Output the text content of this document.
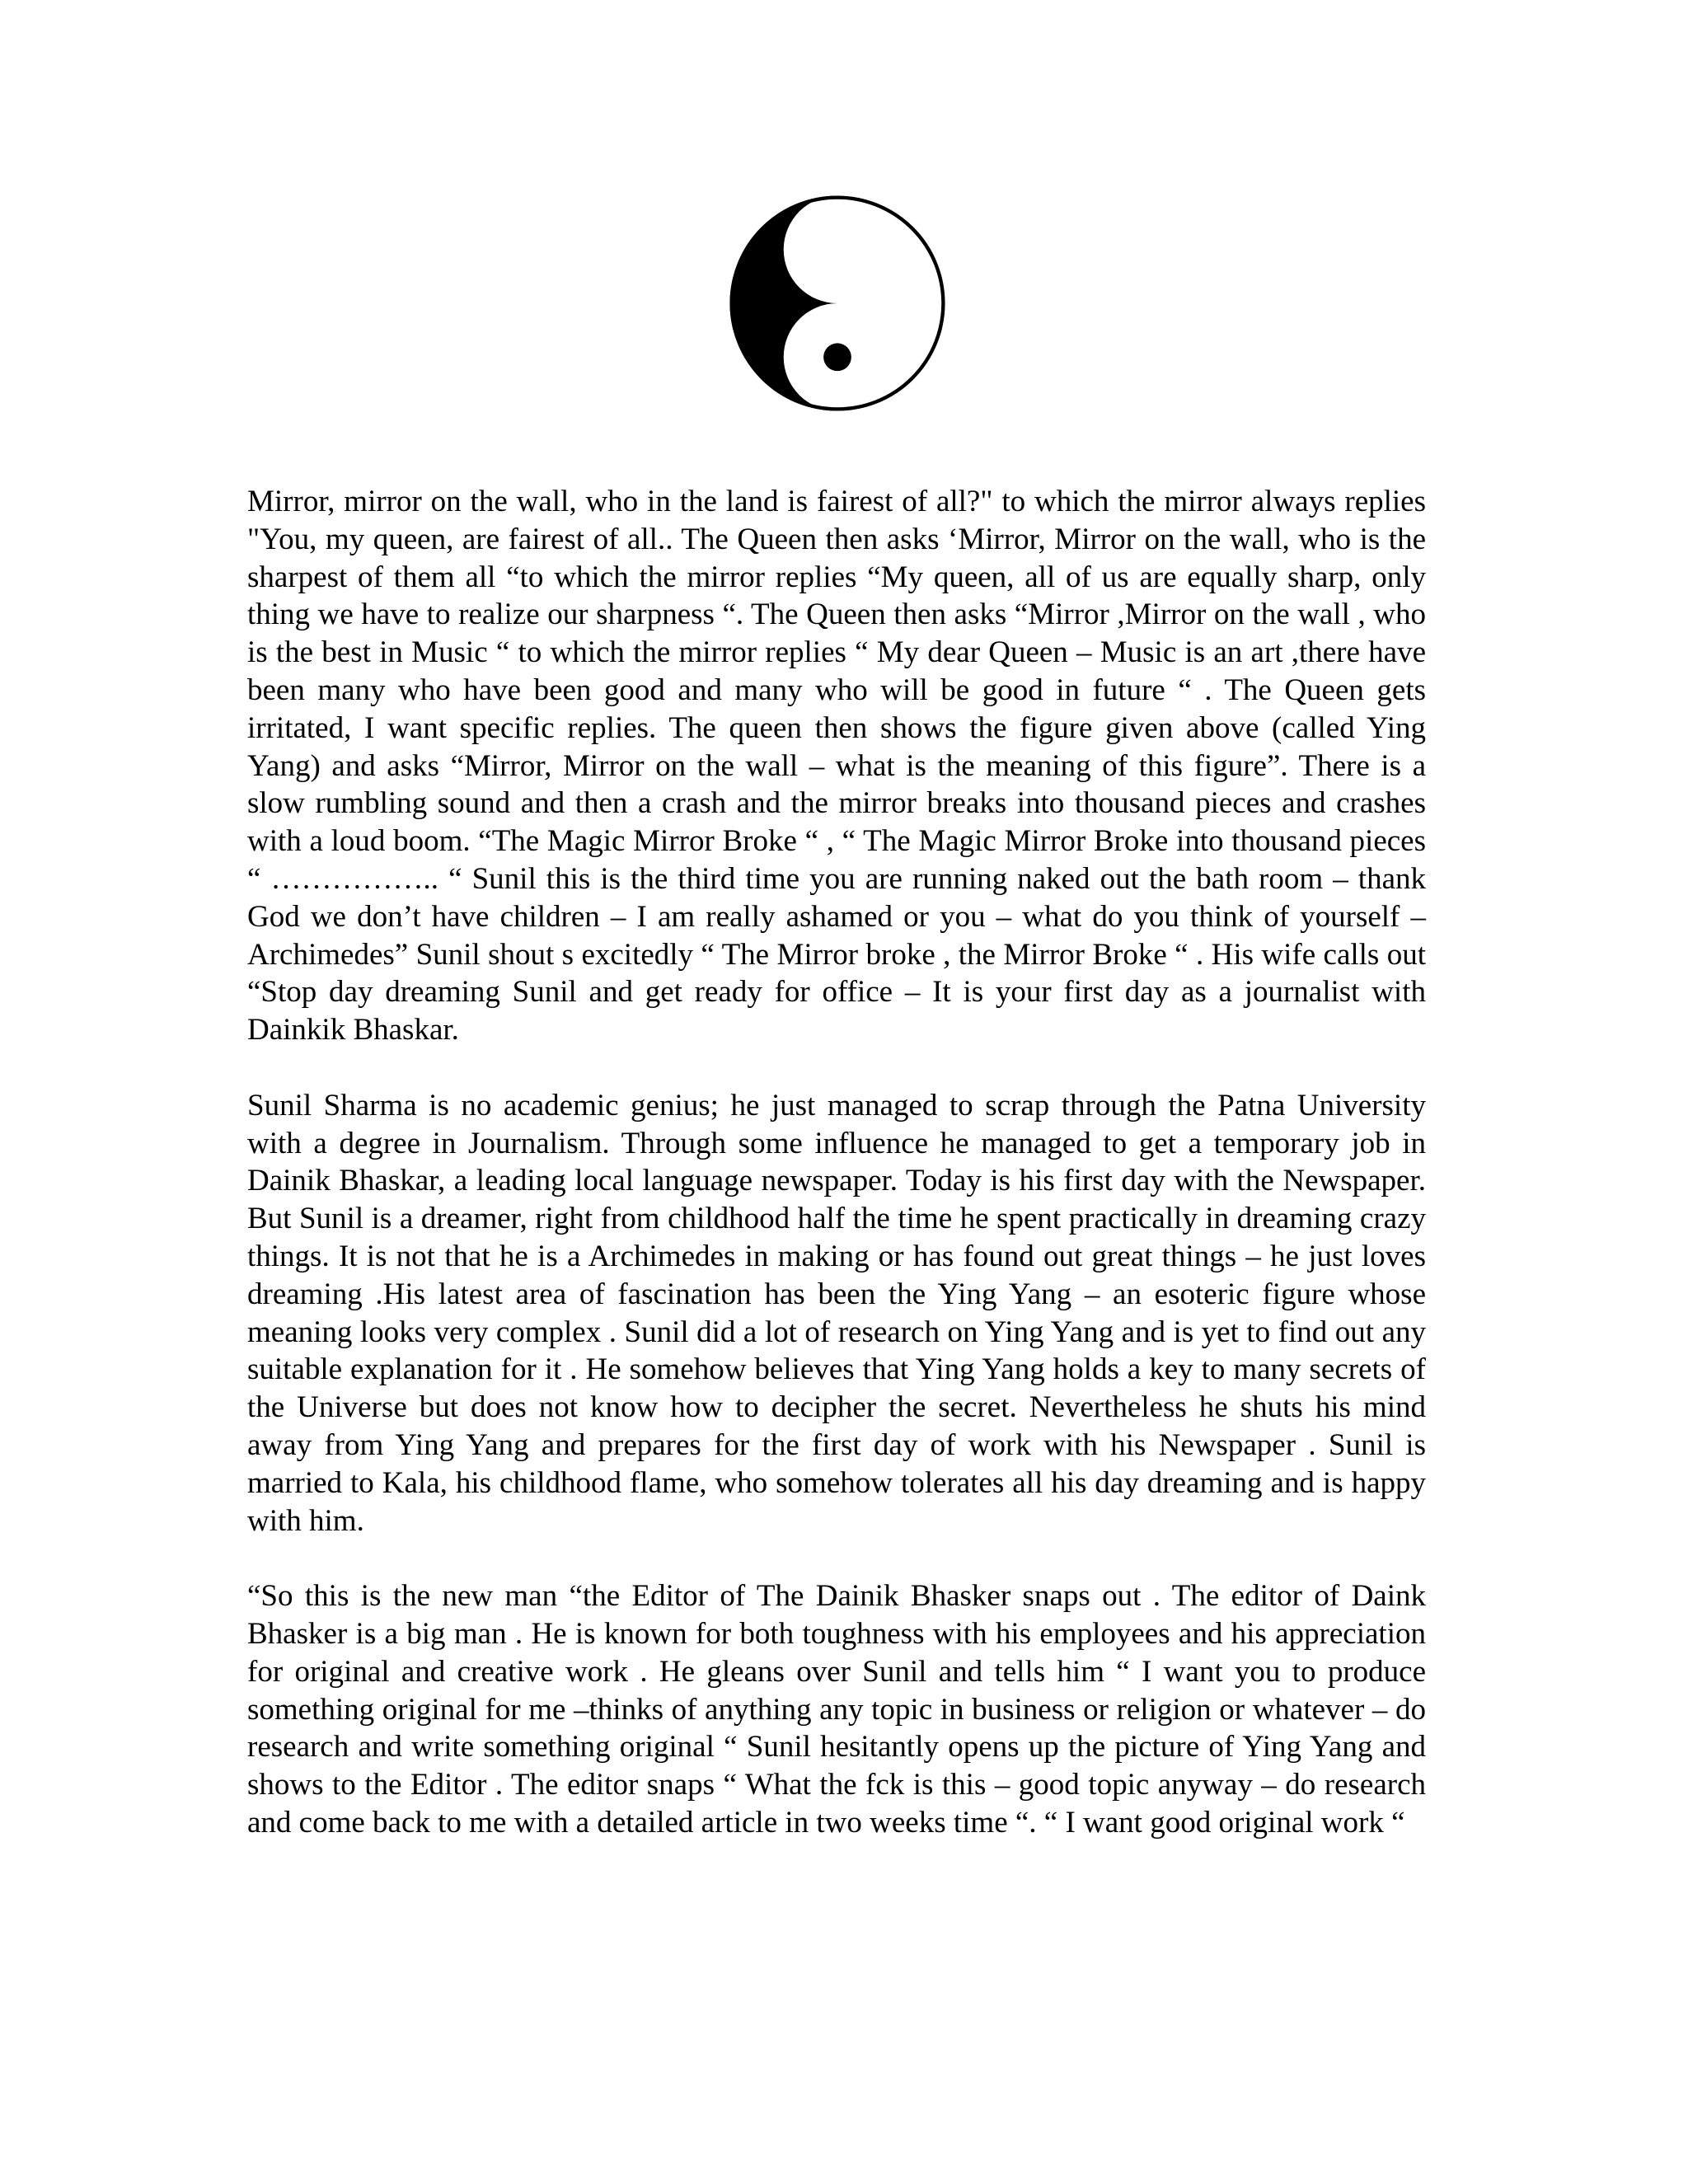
Mirror, mirror on the wall, who in the land is fairest of all?" to which the mirror always replies "You, my queen, are fairest of all.. The Queen then asks ‘Mirror, Mirror on the wall, who is the sharpest of them all “to which the mirror replies “My queen, all of us are equally sharp, only thing we have to realize our sharpness “. The Queen then asks “Mirror ,Mirror on the wall , who is the best in Music “ to which the mirror replies “ My dear Queen – Music is an art ,there have been many who have been good and many who will be good in future “ . The Queen gets irritated, I want specific replies. The queen then shows the figure given above (called Ying Yang) and asks “Mirror, Mirror on the wall – what is the meaning of this figure”. There is a slow rumbling sound and then a crash and the mirror breaks into thousand pieces and crashes with a loud boom. “The Magic Mirror Broke “ , “ The Magic Mirror Broke into thousand pieces “ …………….. “ Sunil this is the third time you are running naked out the bath room – thank God we don’t have children – I am really ashamed or you – what do you think of yourself – Archimedes” Sunil shout s excitedly “ The Mirror broke , the Mirror Broke “ . His wife calls out “Stop day dreaming Sunil and get ready for office – It is your first day as a journalist with Dainkik Bhaskar.

Sunil Sharma is no academic genius; he just managed to scrap through the Patna University with a degree in Journalism. Through some influence he managed to get a temporary job in Dainik Bhaskar, a leading local language newspaper. Today is his first day with the Newspaper. But Sunil is a dreamer, right from childhood half the time he spent practically in dreaming crazy things. It is not that he is a Archimedes in making or has found out great things – he just loves dreaming .His latest area of fascination has been the Ying Yang – an esoteric figure whose meaning looks very complex . Sunil did a lot of research on Ying Yang and is yet to find out any suitable explanation for it . He somehow believes that Ying Yang holds a key to many secrets of the Universe but does not know how to decipher the secret. Nevertheless he shuts his mind away from Ying Yang and prepares for the first day of work with his Newspaper . Sunil is married to Kala, his childhood flame, who somehow tolerates all his day dreaming and is happy with him.

“So this is the new man “the Editor of The Dainik Bhasker snaps out . The editor of Daink Bhasker is a big man . He is known for both toughness with his employees and his appreciation for original and creative work . He gleans over Sunil and tells him “ I want you to produce something original for me –thinks of anything any topic in business or religion or whatever – do research and write something original “ Sunil hesitantly opens up the picture of Ying Yang and shows to the Editor . The editor snaps “ What the fck is this – good topic anyway – do research and come back to me with a detailed article in two weeks time “. “ I want good original work “
